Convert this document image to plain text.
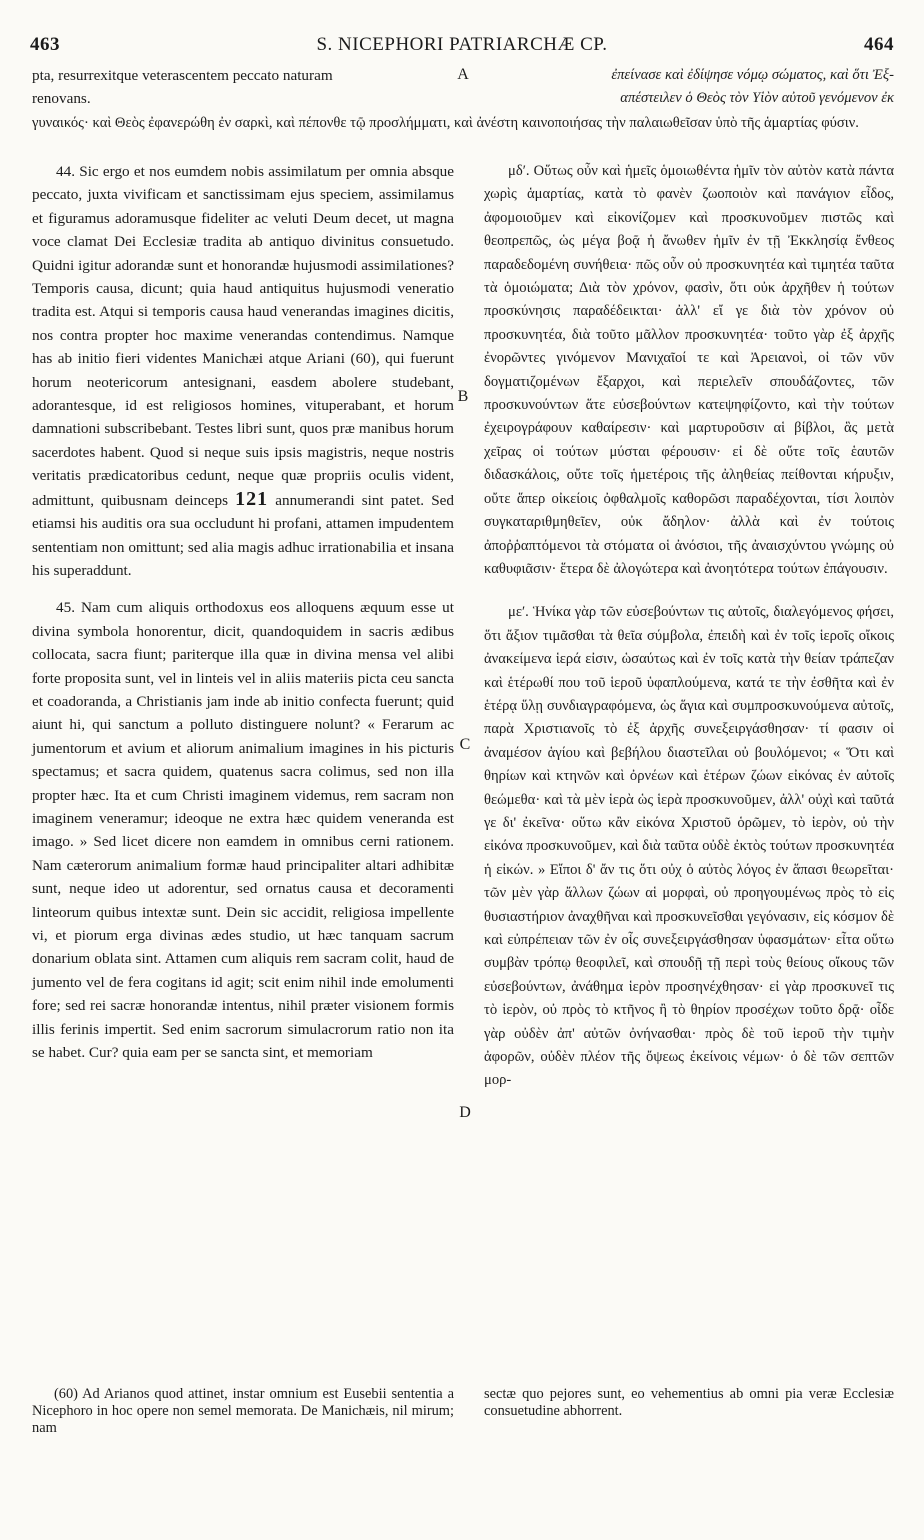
463	S. NICEPHORI PATRIARCHÆ CP.	464
pta, resurrexitque veterascentem peccato naturam	ἐπείνασε καὶ ἐδίψησε νόμῳ σώματος, καὶ ὅτι Ἐξ-
renovans.	απέστειλεν ὁ Θεὸς τὸν Υἱὸν αὐτοῦ γενόμενον ἐκ
γυναικός· καὶ Θεὸς ἐφανερώθη ἐν σαρκὶ, καὶ πέπονθε τῷ προσλήμματι, καὶ ἀνέστη καινοποιήσας τὴν παλαιωθεῖσαν ὑπὸ τῆς ἁμαρτίας φύσιν.
A
B
C
D

44. Sic ergo et nos eumdem nobis assimilatum per omnia absque peccato, juxta vivificam et sanctissimam ejus speciem, assimilamus et figuramus adoramusque fideliter ac veluti Deum decet, ut magna voce clamat Dei Ecclesiæ tradita ab antiquo divinitus consuetudo. Quidni igitur adorandæ sunt et honorandæ hujusmodi assimilationes? Temporis causa, dicunt; quia haud antiquitus hujusmodi veneratio tradita est. Atqui si temporis causa haud venerandas imagines dicitis, nos contra propter hoc maxime venerandas contendimus. Namque has ab initio fieri videntes Manichæi atque Ariani (60), qui fuerunt horum neotericorum antesignani, easdem abolere studebant, adorantesque, id est religiosos homines, vituperabant, et horum damnationi subscribebant. Testes libri sunt, quos præ manibus horum sacerdotes habent. Quod si neque suis ipsis magistris, neque nostris veritatis prædicatoribus cedunt, neque quæ propriis oculis vident, admittunt, quibusnam deinceps 121 annumerandi sint patet. Sed etiamsi his auditis ora sua occludunt hi profani, attamen impudentem sententiam non omittunt; sed alia magis adhuc irrationabilia et insana his superaddunt.

45. Nam cum aliquis orthodoxus eos alloquens æquum esse ut divina symbola honorentur, dicit, quandoquidem in sacris ædibus collocata, sacra fiunt; pariterque illa quæ in divina mensa vel alibi forte proposita sunt, vel in linteis vel in aliis materiis picta ceu sancta et coadoranda, a Christianis jam inde ab initio confecta fuerunt; quid aiunt hi, qui sanctum a polluto distinguere nolunt? « Ferarum ac jumentorum et avium et aliorum animalium imagines in his picturis spectamus; et sacra quidem, quatenus sacra colimus, sed non illa propter hæc. Ita et cum Christi imaginem videmus, rem sacram non imaginem veneramur; ideoque ne extra hæc quidem veneranda est imago. » Sed licet dicere non eamdem in omnibus cerni rationem. Nam cæterorum animalium formæ haud principaliter altari adhibitæ sunt, neque ideo ut adorentur, sed ornatus causa et decoramenti linteorum quibus intextæ sunt. Dein sic accidit, religiosa impellente vi, et piorum erga divinas ædes studio, ut hæc tanquam sacrum donarium oblata sint. Attamen cum aliquis rem sacram colit, haud de jumento vel de fera cogitans id agit; scit enim nihil inde emolumenti fore; sed rei sacræ honorandæ intentus, nihil præter visionem formis illis ferinis impertit. Sed enim sacrorum simulacrorum ratio non ita se habet. Cur? quia eam per se sancta sint, et memoriam

μδʹ. Οὕτως οὖν καὶ ἡμεῖς ὁμοιωθέντα ἡμῖν τὸν αὐτὸν κατὰ πάντα χωρὶς ἁμαρτίας, κατὰ τὸ φανὲν ζωοποιὸν καὶ πανάγιον εἶδος, ἀφομοιοῦμεν καὶ εἰκονίζομεν καὶ προσκυνοῦμεν πιστῶς καὶ θεοπρεπῶς, ὡς μέγα βοᾷ ἡ ἄνωθεν ἡμῖν ἐν τῇ Ἐκκλησίᾳ ἔνθεος παραδεδομένη συνήθεια· πῶς οὖν οὐ προσκυνητέα καὶ τιμητέα ταῦτα τὰ ὁμοιώματα; Διὰ τὸν χρόνον, φασὶν, ὅτι οὐκ ἀρχῆθεν ἡ τούτων προσκύνησις παραδέδεικται· ἀλλ' εἴ γε διὰ τὸν χρόνον οὐ προσκυνητέα, διὰ τοῦτο μᾶλλον προσκυνητέα· τοῦτο γὰρ ἐξ ἀρχῆς ἐνορῶντες γινόμενον Μανιχαῖοί τε καὶ Ἀρειανοὶ, οἱ τῶν νῦν δογματιζομένων ἔξαρχοι, καὶ περιελεῖν σπουδάζοντες, τῶν προσκυνούντων ἅτε εὐσεβούντων κατεψηφίζοντο, καὶ τὴν τούτων ἐχειρογράφουν καθαίρεσιν· καὶ μαρτυροῦσιν αἱ βίβλοι, ἃς μετὰ χεῖρας οἱ τούτων μύσται φέρουσιν· εἰ δὲ οὔτε τοῖς ἑαυτῶν διδασκάλοις, οὔτε τοῖς ἡμετέροις τῆς ἀληθείας πείθονται κήρυξιν, οὔτε ἅπερ οἰκείοις ὀφθαλμοῖς καθορῶσι παραδέχονται, τίσι λοιπὸν συγκαταριθμηθεῖεν, οὐκ ἄδηλον· ἀλλὰ καὶ ἐν τούτοις ἀποῤῥαπτόμενοι τὰ στόματα οἱ ἀνόσιοι, τῆς ἀναισχύντου γνώμης οὐ καθυφιᾶσιν· ἕτερα δὲ ἀλογώτερα καὶ ἀνοητότερα τούτων ἐπάγουσιν.

μεʹ. Ἡνίκα γὰρ τῶν εὐσεβούντων τις αὐτοῖς, διαλεγόμενος φήσει, ὅτι ἄξιον τιμᾶσθαι τὰ θεῖα σύμβολα, ἐπειδὴ καὶ ἐν τοῖς ἱεροῖς οἴκοις ἀνακείμενα ἱερά εἰσιν, ὡσαύτως καὶ ἐν τοῖς κατὰ τὴν θείαν τράπεζαν καὶ ἑτέρωθί που τοῦ ἱεροῦ ὑφαπλούμενα, κατά τε τὴν ἐσθῆτα καὶ ἐν ἑτέρᾳ ὕλῃ συνδιαγραφόμενα, ὡς ἅγια καὶ συμπροσκυνούμενα αὐτοῖς, παρὰ Χριστιανοῖς τὸ ἐξ ἀρχῆς συνεξειργάσθησαν· τί φασιν οἱ ἀναμέσον ἁγίου καὶ βεβήλου διαστεῖλαι οὐ βουλόμενοι; « Ὅτι καὶ θηρίων καὶ κτηνῶν καὶ ὀρνέων καὶ ἑτέρων ζώων εἰκόνας ἐν αὐτοῖς θεώμεθα· καὶ τὰ μὲν ἱερὰ ὡς ἱερὰ προσκυνοῦμεν, ἀλλ' οὐχὶ καὶ ταῦτά γε δι' ἐκεῖνα· οὕτω κἂν εἰκόνα Χριστοῦ ὁρῶμεν, τὸ ἱερὸν, οὐ τὴν εἰκόνα προσκυνοῦμεν, καὶ διὰ ταῦτα οὐδὲ ἐκτὸς τούτων προσκυνητέα ἡ εἰκών. » Εἴποι δ' ἄν τις ὅτι οὐχ ὁ αὐτὸς λόγος ἐν ἅπασι θεωρεῖται· τῶν μὲν γὰρ ἄλλων ζώων αἱ μορφαὶ, οὐ προηγουμένως πρὸς τὸ εἰς θυσιαστήριον ἀναχθῆναι καὶ προσκυνεῖσθαι γεγόνασιν, εἰς κόσμον δὲ καὶ εὐπρέπειαν τῶν ἐν οἷς συνεξειργάσθησαν ὑφασμάτων· εἶτα οὕτω συμβὰν τρόπῳ θεοφιλεῖ, καὶ σπουδῇ τῇ περὶ τοὺς θείους οἴκους τῶν εὐσεβούντων, ἀνάθημα ἱερὸν προσηνέχθησαν· εἰ γὰρ προσκυνεῖ τις τὸ ἱερὸν, οὐ πρὸς τὸ κτῆνος ἢ τὸ θηρίον προσέχων τοῦτο δρᾷ· οἶδε γὰρ οὐδὲν ἀπ' αὐτῶν ὀνήνασθαι· πρὸς δὲ τοῦ ἱεροῦ τὴν τιμὴν ἀφορῶν, οὐδὲν πλέον τῆς ὄψεως ἐκείνοις νέμων· ὁ δὲ τῶν σεπτῶν μορ-

(60) Ad Arianos quod attinet, instar omnium est Eusebii sententia a Nicephoro in hoc opere non semel memorata. De Manichæis, nil mirum; nam
sectæ quo pejores sunt, eo vehementius ab omni pia veræ Ecclesiæ consuetudine abhorrent.
